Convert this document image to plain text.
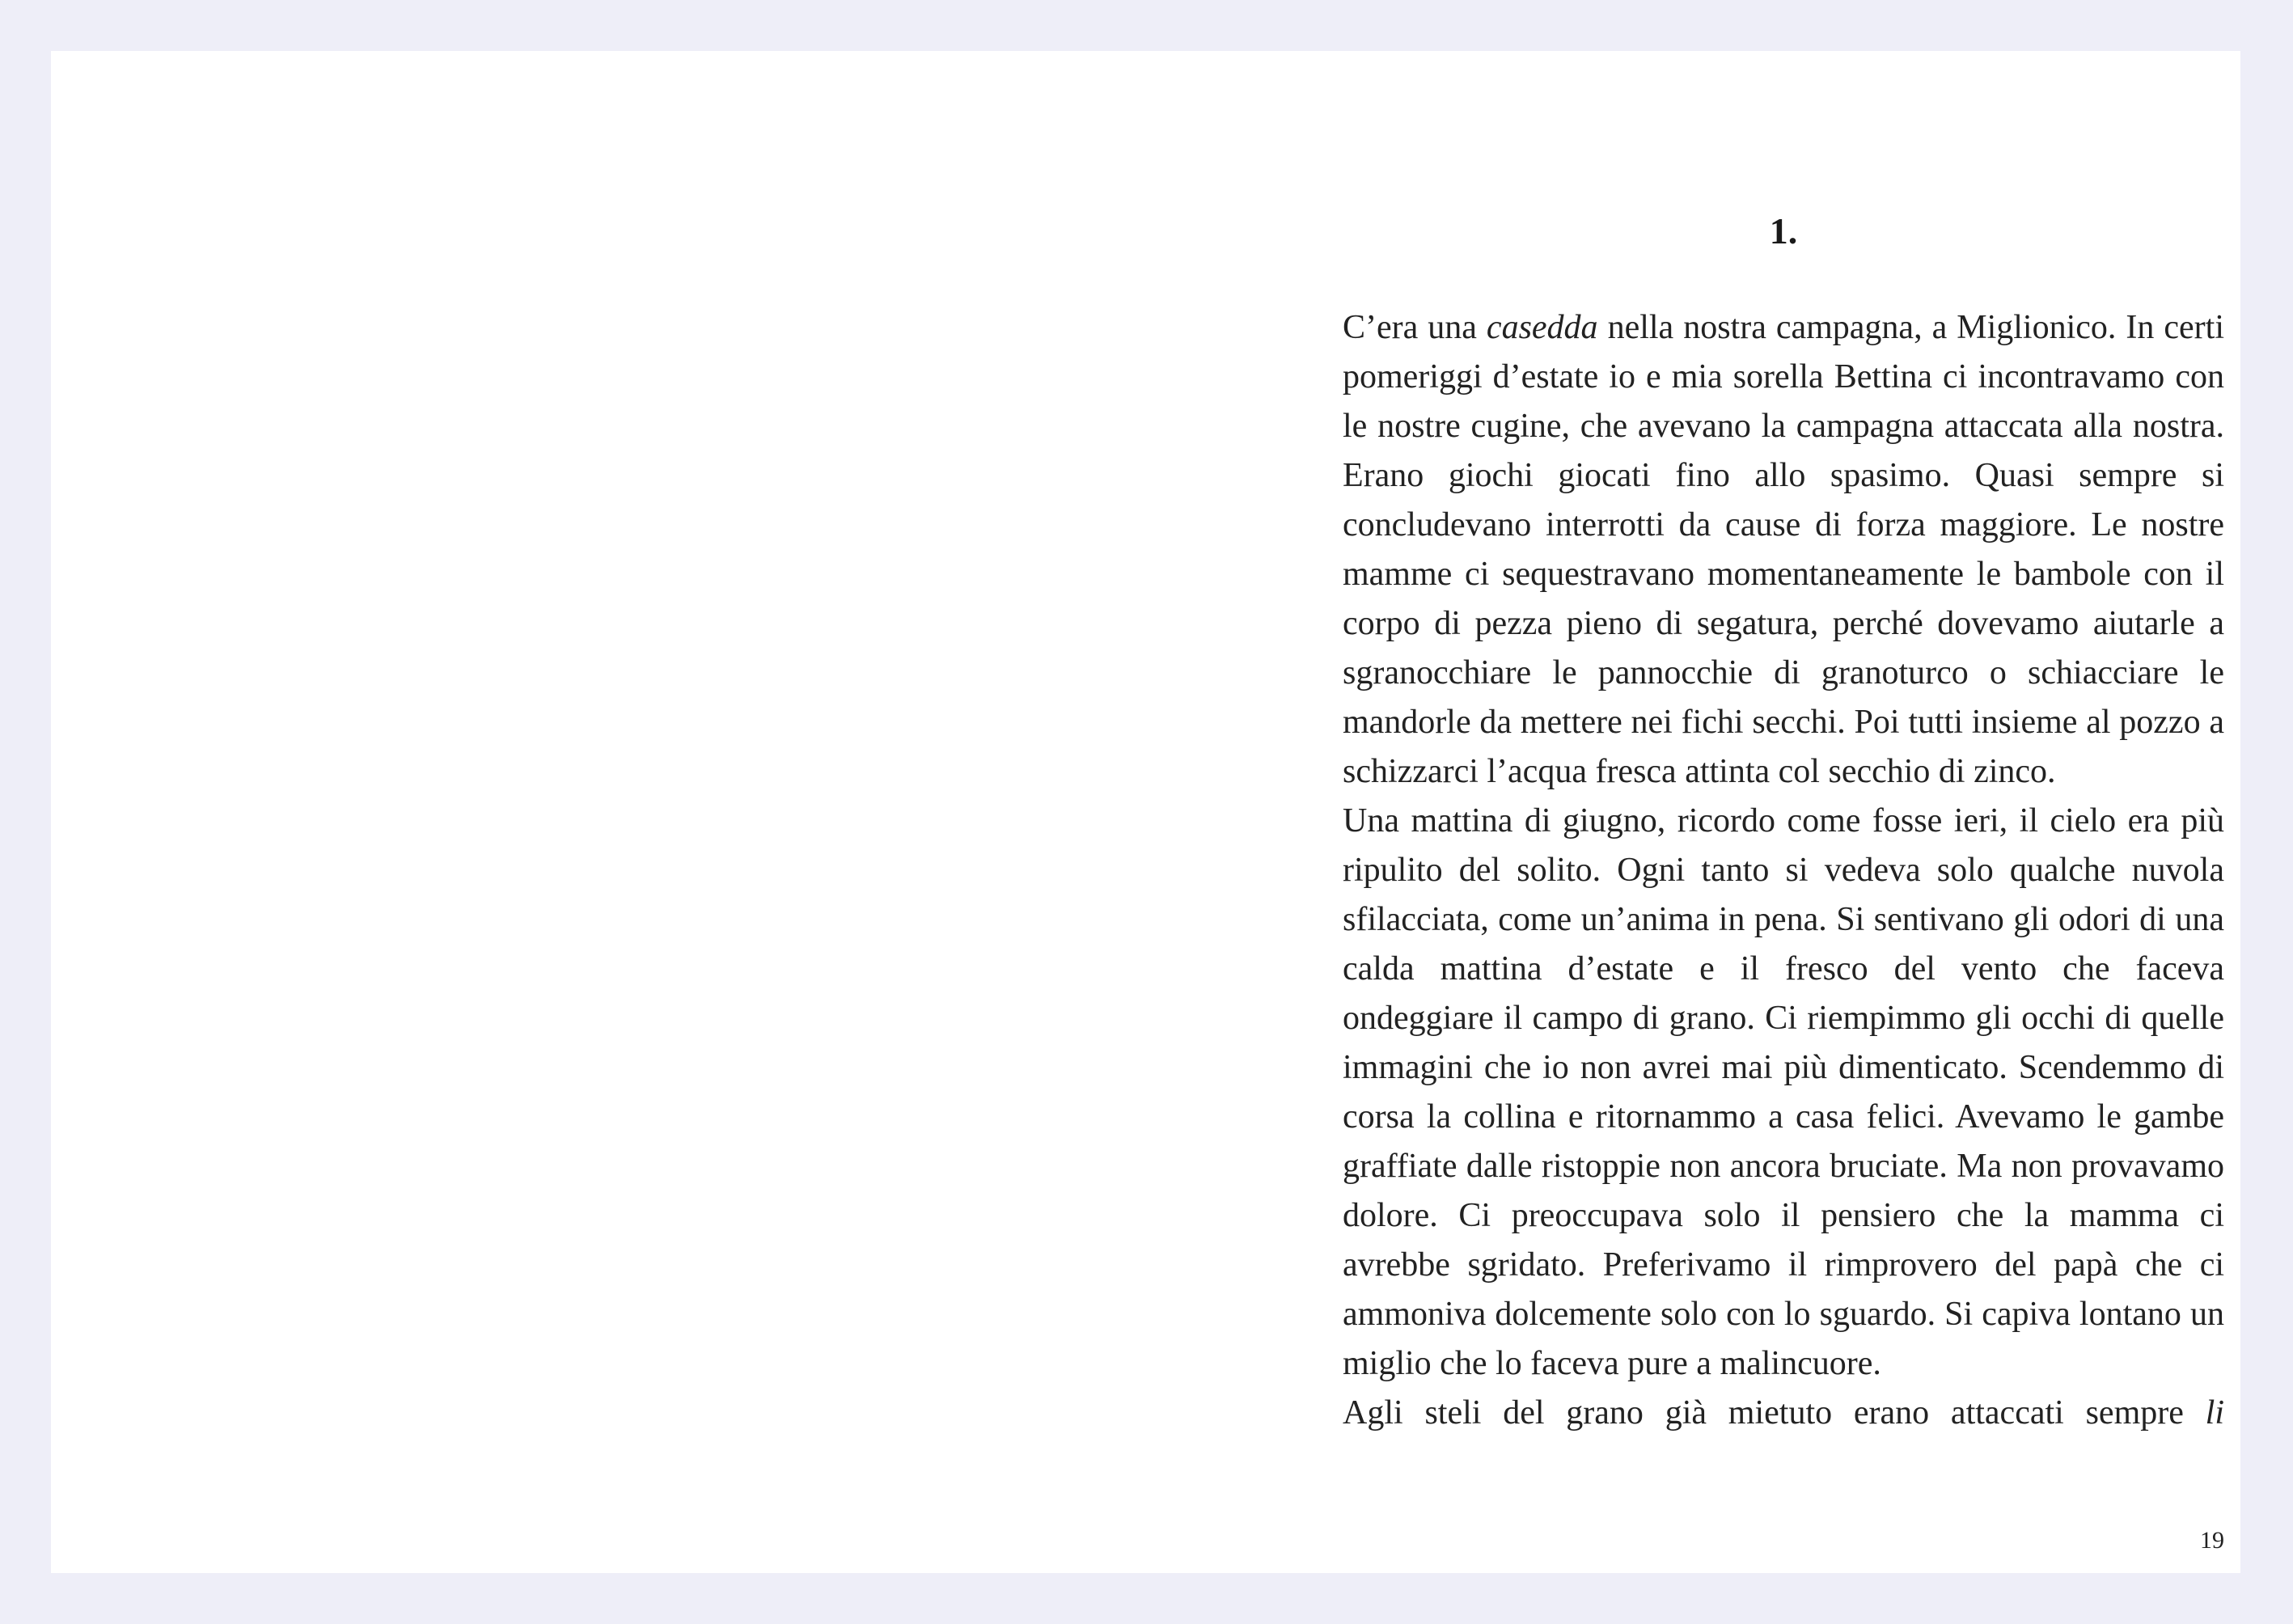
1.

C’era una casedda nella nostra campagna, a Miglionico. In certi pomeriggi d’estate io e mia sorella Bettina ci incontravamo con le nostre cugine, che avevano la campagna attaccata alla nostra. Erano giochi giocati fino allo spasimo. Quasi sempre si concludevano interrotti da cause di forza maggiore. Le nostre mamme ci sequestravano momentaneamente le bambole con il corpo di pezza pieno di segatura, perché dovevamo aiutarle a sgranocchiare le pannocchie di granoturco o schiacciare le mandorle da mettere nei fichi secchi. Poi tutti insieme al pozzo a schizzarci l’acqua fresca attinta col secchio di zinco.

Una mattina di giugno, ricordo come fosse ieri, il cielo era più ripulito del solito. Ogni tanto si vedeva solo qualche nuvola sfilacciata, come un’anima in pena. Si sentivano gli odori di una calda mattina d’estate e il fresco del vento che faceva ondeggiare il campo di grano. Ci riempimmo gli occhi di quelle immagini che io non avrei mai più dimenticato. Scendemmo di corsa la collina e ritornammo a casa felici. Avevamo le gambe graffiate dalle ristoppie non ancora bruciate. Ma non provavamo dolore. Ci preoccupava solo il pensiero che la mamma ci avrebbe sgridato. Preferivamo il rimprovero del papà che ci ammoniva dolcemente solo con lo sguardo. Si capiva lontano un miglio che lo faceva pure a malincuore.

Agli steli del grano già mietuto erano attaccati sempre li

19
